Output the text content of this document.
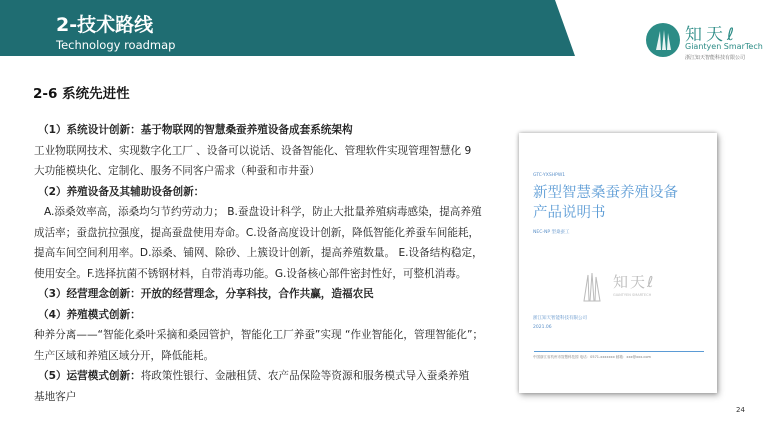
2-技术路线
Technology roadmap	知天ℓ
Giantyen SmarTech
浙江知天智能科技有限公司
2-6 系统先进性
（1）系统设计创新：基于物联网的智慧桑蚕养殖设备成套系统架构
工业物联网技术、实现数字化工厂 、设备可以说话、设备智能化、管理软件实现管理智慧化 9
大功能模块化、定制化、服务不同客户需求（种蚕和市井蚕）
（2）养殖设备及其辅助设备创新：
A.添桑效率高，添桑均匀节约劳动力； B.蚕盘设计科学，防止大批量养殖病毒感染，提高养殖
成活率；蚕盘抗拉强度，提高蚕盘使用寿命。C.设备高度设计创新，降低智能化养蚕车间能耗，
提高车间空间利用率。D.添桑、铺网、除砂、上簇设计创新，提高养殖数量。 E.设备结构稳定，
使用安全。F.选择抗菌不锈钢材料，自带消毒功能。G.设备核心部件密封性好，可整机消毒。
（3）经营理念创新：开放的经营理念，分享科技，合作共赢，造福农民
（4）养殖模式创新：
种养分离——“智能化桑叶采摘和桑园管护，智能化工厂养蚕”实现 “作业智能化，管理智能化”；
生产区域和养殖区域分开，降低能耗。
（5）运营模式创新：将政策性银行、金融租赁、农产品保险等资源和服务模式导入蚕桑养殖
基地客户
GTC-YXSHPW1
新型智慧桑蚕养殖设备
产品说明书
NEC-NP 型桑蚕工
知天ℓ
GIANTYEN SMARTECH
浙江知天智能科技有限公司
2021.06
中国浙江省杭州市智慧科技园 电话：0571-xxxxxxx 邮箱：xxx@xxx.com
24
